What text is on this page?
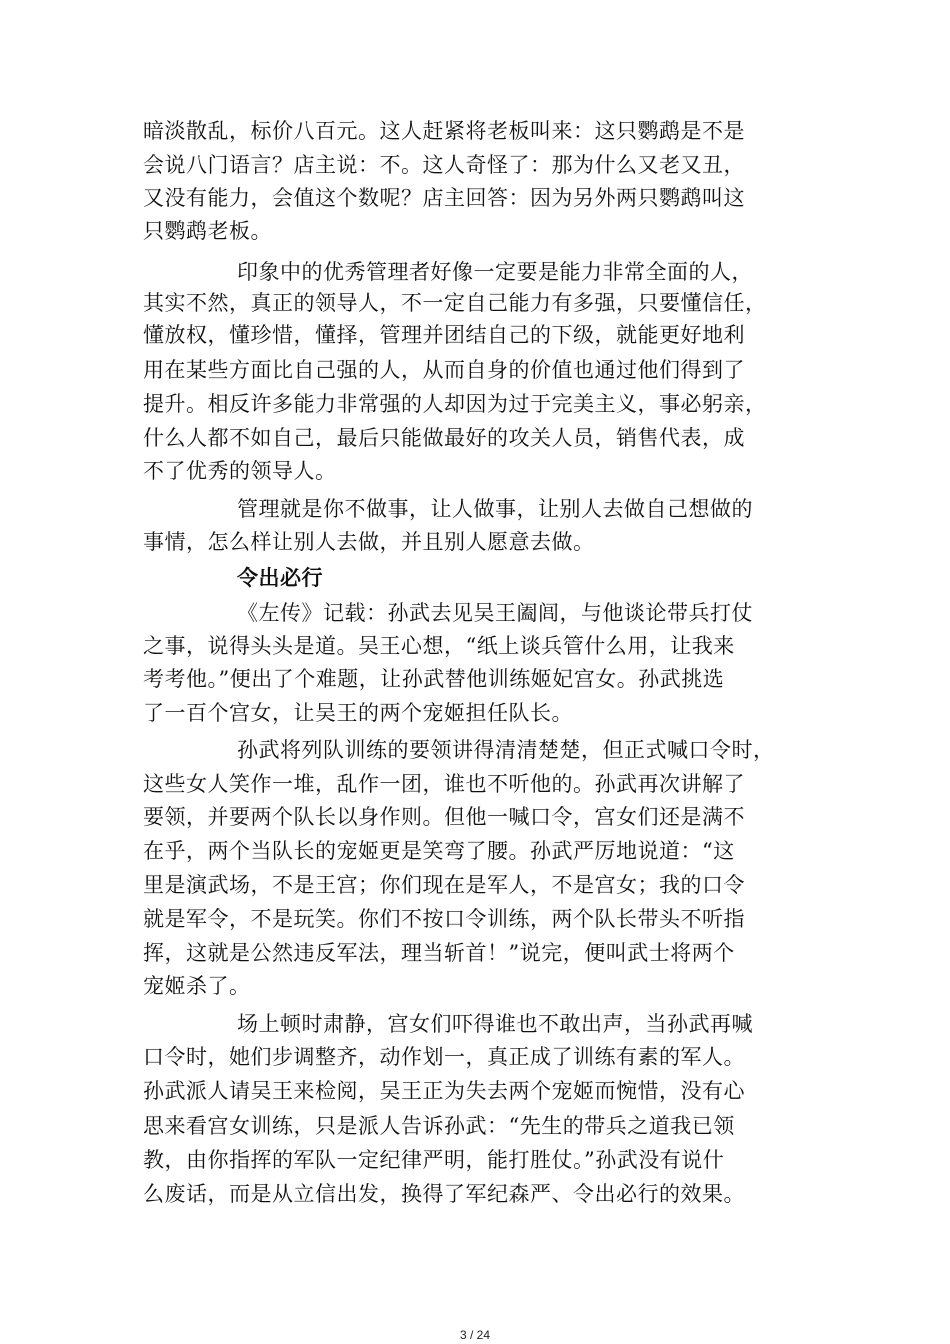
暗淡散乱，标价八百元。这人赶紧将老板叫来：这只鹦鹉是不是
会说八门语言？店主说：不。这人奇怪了：那为什么又老又丑，
又没有能力，会值这个数呢？店主回答：因为另外两只鹦鹉叫这
只鹦鹉老板。
印象中的优秀管理者好像一定要是能力非常全面的人，
其实不然，真正的领导人，不一定自己能力有多强，只要懂信任，
懂放权，懂珍惜，懂择，管理并团结自己的下级，就能更好地利
用在某些方面比自己强的人，从而自身的价值也通过他们得到了
提升。相反许多能力非常强的人却因为过于完美主义，事必躬亲，
什么人都不如自己，最后只能做最好的攻关人员，销售代表，成
不了优秀的领导人。
管理就是你不做事，让人做事，让别人去做自己想做的
事情，怎么样让别人去做，并且别人愿意去做。
令出必行
《左传》记载：孙武去见吴王阖闾，与他谈论带兵打仗
之事，说得头头是道。吴王心想，“纸上谈兵管什么用，让我来
考考他。”便出了个难题，让孙武替他训练姬妃宫女。孙武挑选
了一百个宫女，让吴王的两个宠姬担任队长。
孙武将列队训练的要领讲得清清楚楚，但正式喊口令时，
这些女人笑作一堆，乱作一团，谁也不听他的。孙武再次讲解了
要领，并要两个队长以身作则。但他一喊口令，宫女们还是满不
在乎，两个当队长的宠姬更是笑弯了腰。孙武严厉地说道：“这
里是演武场，不是王宫；你们现在是军人，不是宫女；我的口令
就是军令，不是玩笑。你们不按口令训练，两个队长带头不听指
挥，这就是公然违反军法，理当斩首！”说完，便叫武士将两个
宠姬杀了。
场上顿时肃静，宫女们吓得谁也不敢出声，当孙武再喊
口令时，她们步调整齐，动作划一，真正成了训练有素的军人。
孙武派人请吴王来检阅，吴王正为失去两个宠姬而惋惜，没有心
思来看宫女训练，只是派人告诉孙武：“先生的带兵之道我已领
教，由你指挥的军队一定纪律严明，能打胜仗。”孙武没有说什
么废话，而是从立信出发，换得了军纪森严、令出必行的效果。
3 / 24
